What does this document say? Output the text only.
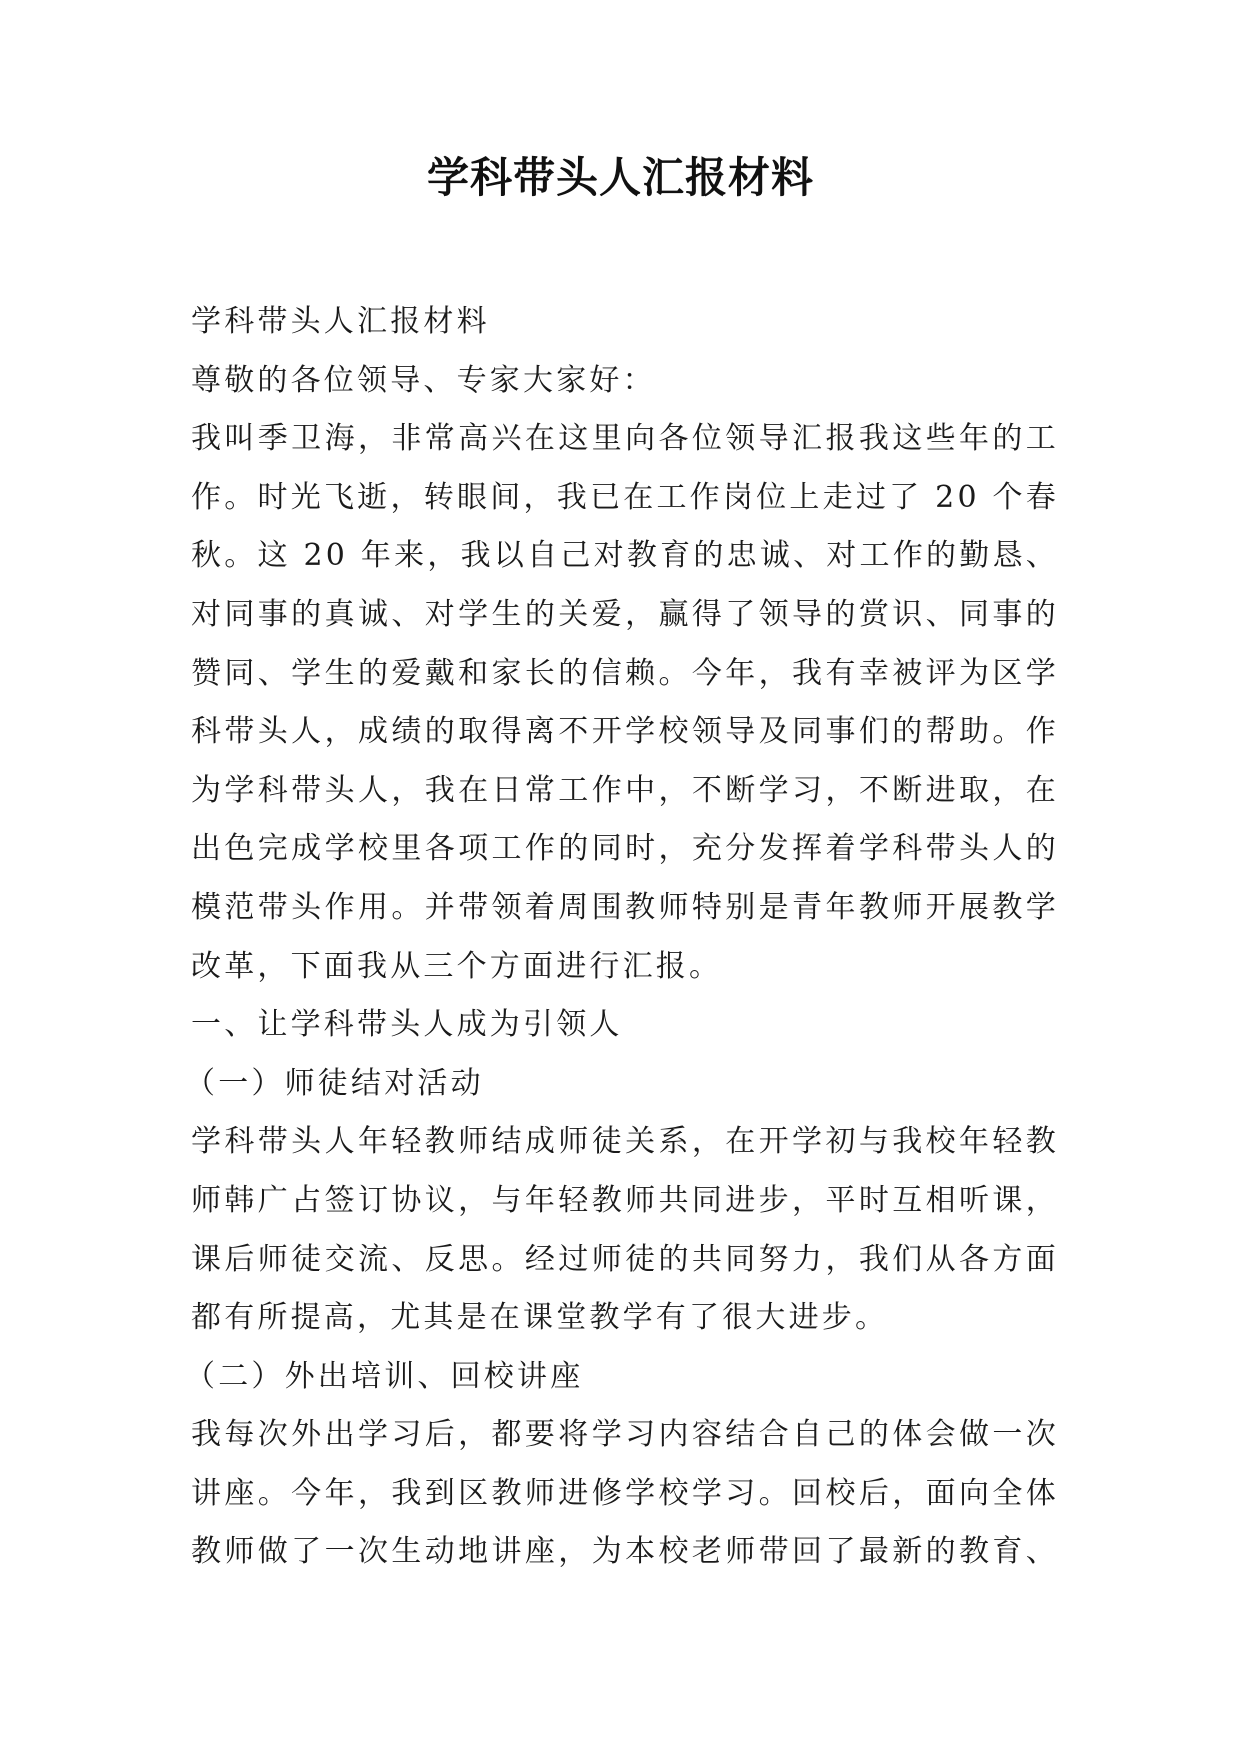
学科带头人汇报材料
学科带头人汇报材料
尊敬的各位领导、专家大家好：
我叫季卫海，非常高兴在这里向各位领导汇报我这些年的工
作。时光飞逝，转眼间，我已在工作岗位上走过了 20 个春
秋。这 20 年来，我以自己对教育的忠诚、对工作的勤恳、
对同事的真诚、对学生的关爱，赢得了领导的赏识、同事的
赞同、学生的爱戴和家长的信赖。今年，我有幸被评为区学
科带头人，成绩的取得离不开学校领导及同事们的帮助。作
为学科带头人，我在日常工作中，不断学习，不断进取，在
出色完成学校里各项工作的同时，充分发挥着学科带头人的
模范带头作用。并带领着周围教师特别是青年教师开展教学
改革，下面我从三个方面进行汇报。
一、让学科带头人成为引领人
（一）师徒结对活动
学科带头人年轻教师结成师徒关系，在开学初与我校年轻教
师韩广占签订协议，与年轻教师共同进步，平时互相听课，
课后师徒交流、反思。经过师徒的共同努力，我们从各方面
都有所提高，尤其是在课堂教学有了很大进步。
（二）外出培训、回校讲座
我每次外出学习后，都要将学习内容结合自己的体会做一次
讲座。今年，我到区教师进修学校学习。回校后，面向全体
教师做了一次生动地讲座，为本校老师带回了最新的教育、
